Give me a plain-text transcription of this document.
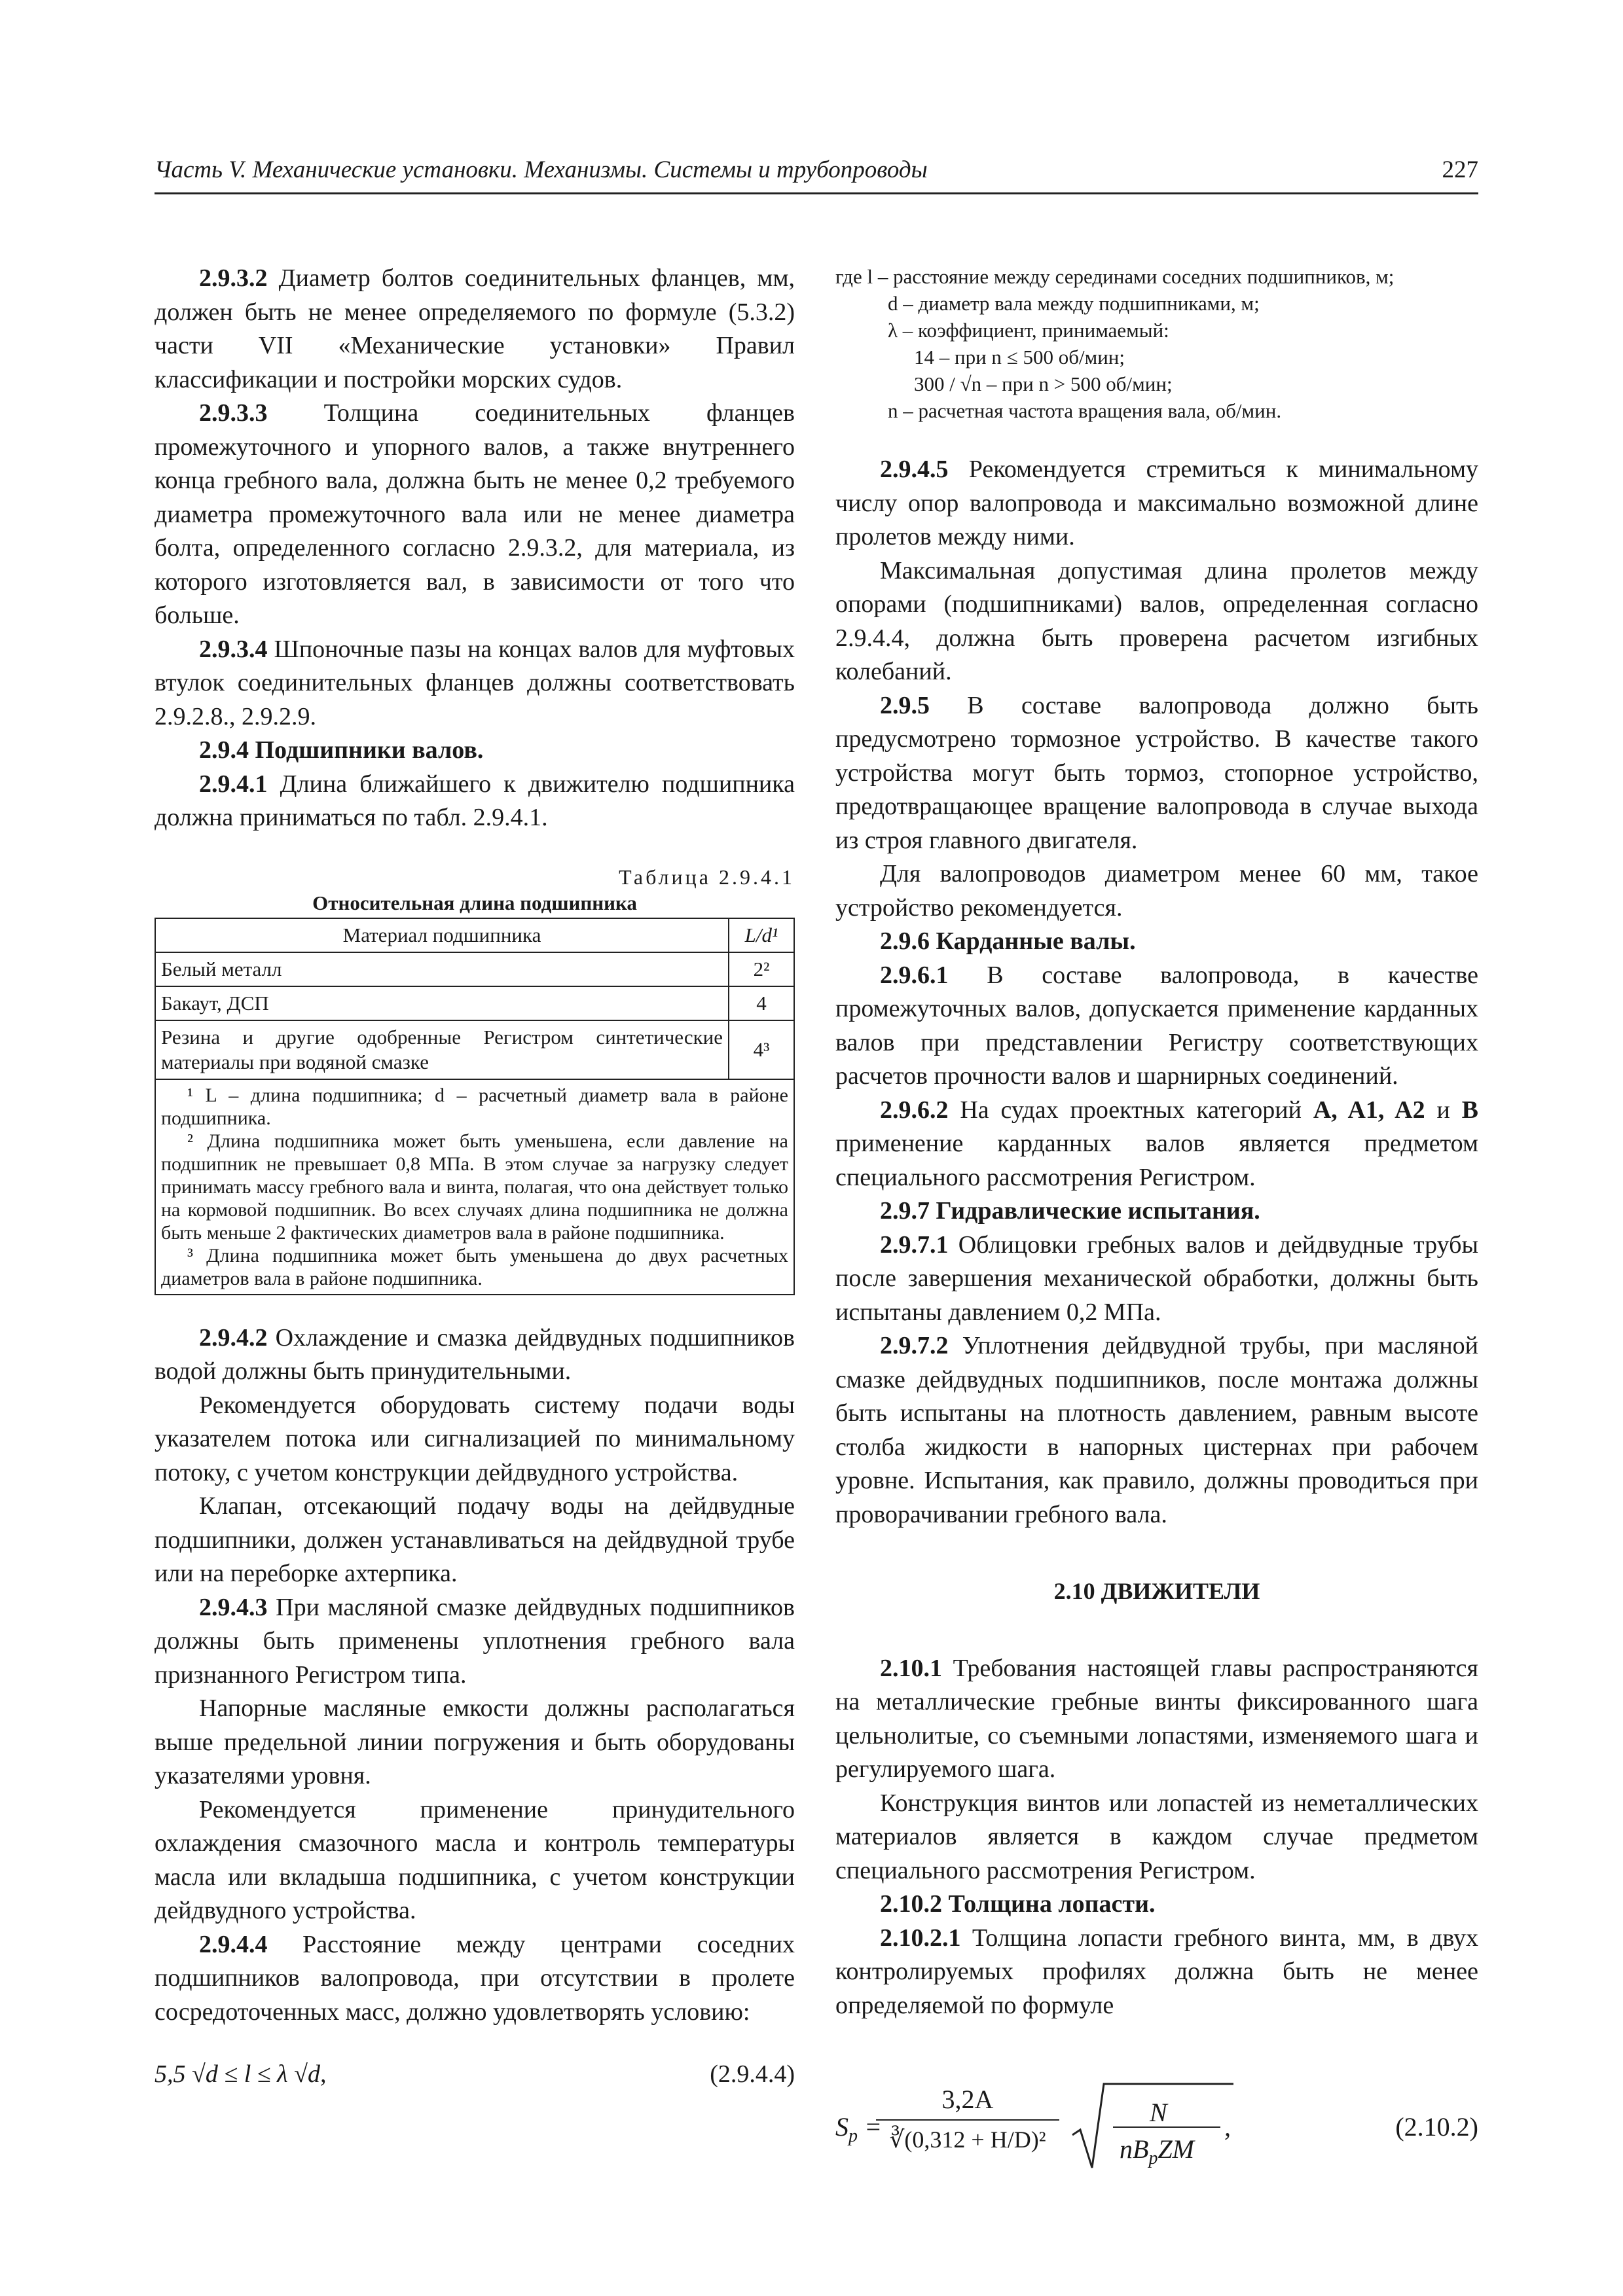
Часть V. Механические установки. Механизмы. Системы и трубопроводы	227

2.9.3.2 Диаметр болтов соединительных фланцев, мм, должен быть не менее определяемого по формуле (5.3.2) части VII «Механические установки» Правил классификации и постройки морских судов.

2.9.3.3 Толщина соединительных фланцев промежуточного и упорного валов, а также внутреннего конца гребного вала, должна быть не менее 0,2 требуемого диаметра промежуточного вала или не менее диаметра болта, определенного согласно 2.9.3.2, для материала, из которого изготовляется вал, в зависимости от того что больше.

2.9.3.4 Шпоночные пазы на концах валов для муфтовых втулок соединительных фланцев должны соответствовать 2.9.2.8., 2.9.2.9.

2.9.4 Подшипники валов.

2.9.4.1 Длина ближайшего к движителю подшипника должна приниматься по табл. 2.9.4.1.

Таблица 2.9.4.1
Относительная длина подшипника
Материал подшипника	L/d¹
Белый металл	2²
Бакаут, ДСП	4
Резина и другие одобренные Регистром синтетические материалы при водяной смазке	4³

¹ L – длина подшипника; d – расчетный диаметр вала в районе подшипника.
² Длина подшипника может быть уменьшена, если давление на подшипник не превышает 0,8 МПа. В этом случае за нагрузку следует принимать массу гребного вала и винта, полагая, что она действует только на кормовой подшипник. Во всех случаях длина подшипника не должна быть меньше 2 фактических диаметров вала в районе подшипника.
³ Длина подшипника может быть уменьшена до двух расчетных диаметров вала в районе подшипника.	

2.9.4.2 Охлаждение и смазка дейдвудных подшипников водой должны быть принудительными.

Рекомендуется оборудовать систему подачи воды указателем потока или сигнализацией по минимальному потоку, с учетом конструкции дейдвудного устройства.

Клапан, отсекающий подачу воды на дейдвудные подшипники, должен устанавливаться на дейдвудной трубе или на переборке ахтерпика.

2.9.4.3 При масляной смазке дейдвудных подшипников должны быть применены уплотнения гребного вала признанного Регистром типа.

Напорные масляные емкости должны располагаться выше предельной линии погружения и быть оборудованы указателями уровня.

Рекомендуется применение принудительного охлаждения смазочного масла и контроль температуры масла или вкладыша подшипника, с учетом конструкции дейдвудного устройства.

2.9.4.4 Расстояние между центрами соседних подшипников валопровода, при отсутствии в пролете сосредоточенных масс, должно удовлетворять условию:

5,5 √d ≤ l ≤ λ √d,	(2.9.4.4)
где l – расстояние между серединами соседних подшипников, м;
d – диаметр вала между подшипниками, м;
λ – коэффициент, принимаемый:
14 – при n ≤ 500 об/мин;
300 / √n – при n > 500 об/мин;
n – расчетная частота вращения вала, об/мин.

2.9.4.5 Рекомендуется стремиться к минимальному числу опор валопровода и максимально возможной длине пролетов между ними.

Максимальная допустимая длина пролетов между опорами (подшипниками) валов, определенная согласно 2.9.4.4, должна быть проверена расчетом изгибных колебаний.

2.9.5 В составе валопровода должно быть предусмотрено тормозное устройство. В качестве такого устройства могут быть тормоз, стопорное устройство, предотвращающее вращение валопровода в случае выхода из строя главного двигателя.

Для валопроводов диаметром менее 60 мм, такое устройство рекомендуется.

2.9.6 Карданные валы.

2.9.6.1 В составе валопровода, в качестве промежуточных валов, допускается применение карданных валов при представлении Регистру соответствующих расчетов прочности валов и шарнирных соединений.

2.9.6.2 На судах проектных категорий A, A1, A2 и B применение карданных валов является предметом специального рассмотрения Регистром.

2.9.7 Гидравлические испытания.

2.9.7.1 Облицовки гребных валов и дейдвудные трубы после завершения механической обработки, должны быть испытаны давлением 0,2 МПа.

2.9.7.2 Уплотнения дейдвудной трубы, при масляной смазке дейдвудных подшипников, после монтажа должны быть испытаны на плотность давлением, равным высоте столба жидкости в напорных цистернах при рабочем уровне. Испытания, как правило, должны проводиться при проворачивании гребного вала.

2.10 ДВИЖИТЕЛИ

2.10.1 Требования настоящей главы распространяются на металлические гребные винты фиксированного шага цельнолитые, со съемными лопастями, изменяемого шага и регулируемого шага.

Конструкция винтов или лопастей из неметаллических материалов является в каждом случае предметом специального рассмотрения Регистром.

2.10.2 Толщина лопасти.

2.10.2.1 Толщина лопасти гребного винта, мм, в двух контролируемых профилях должна быть не менее определяемой по формуле

$S_p$ =
$\frac{3,2A}{\text{∛(0,312 + H/D)²}}$	N
$nB_pZM$
,	(2.10.2)
